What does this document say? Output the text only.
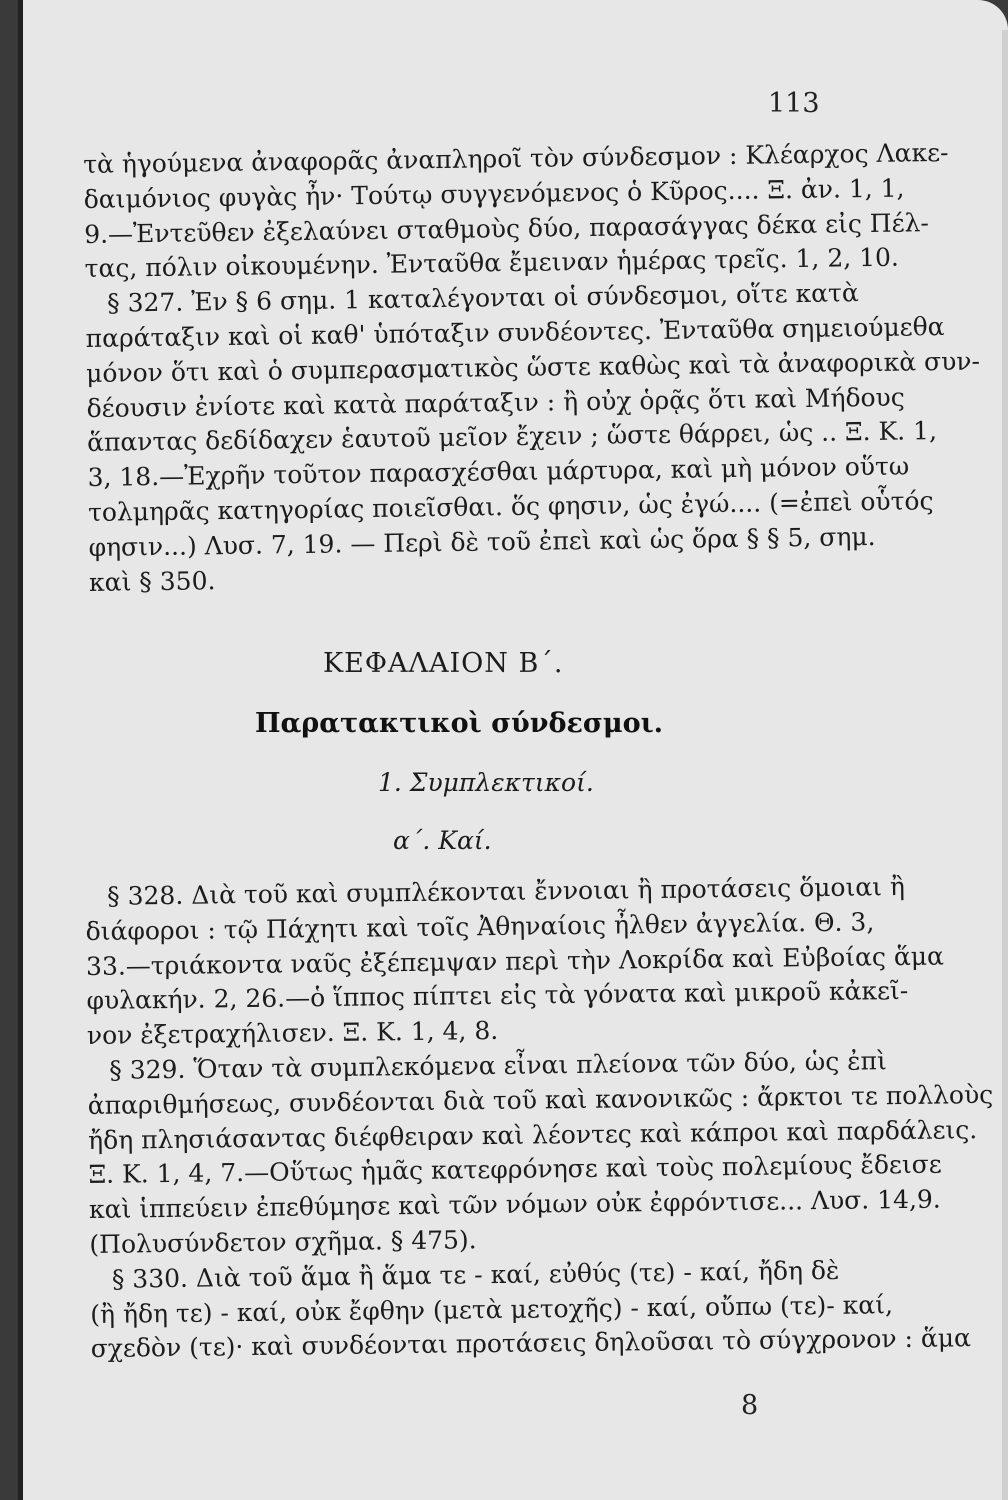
113

τὰ ἡγούμενα ἀναφορᾶς ἀναπληροῖ τὸν σύνδεσμον : Κλέαρχος Λακε-
δαιμόνιος φυγὰς ἦν· Τούτῳ συγγενόμενος ὁ Κῦρος.... Ξ. ἀν. 1, 1,
9.—Ἐντεῦθεν ἐξελαύνει σταθμοὺς δύο, παρασάγγας δέκα εἰς Πέλ-
τας, πόλιν οἰκουμένην. Ἐνταῦθα ἔμειναν ἡμέρας τρεῖς. 1, 2, 10.
§ 327. Ἐν § 6 σημ. 1 καταλέγονται οἱ σύνδεσμοι, οἵτε κατὰ
παράταξιν καὶ οἱ καθ' ὑπόταξιν συνδέοντες. Ἐνταῦθα σημειούμεθα
μόνον ὅτι καὶ ὁ συμπερασματικὸς ὥστε καθὼς καὶ τὰ ἀναφορικὰ συν-
δέουσιν ἐνίοτε καὶ κατὰ παράταξιν : ἢ οὐχ ὁρᾷς ὅτι καὶ Μήδους
ἅπαντας δεδίδαχεν ἑαυτοῦ μεῖον ἔχειν ; ὥστε θάρρει, ὡς .. Ξ. Κ. 1,
3, 18.—Ἐχρῆν τοῦτον παρασχέσθαι μάρτυρα, καὶ μὴ μόνον οὕτω
τολμηρᾶς κατηγορίας ποιεῖσθαι. ὅς φησιν, ὡς ἐγώ.... (=ἐπεὶ οὗτός
φησιν...) Λυσ. 7, 19. — Περὶ δὲ τοῦ ἐπεὶ καὶ ὡς ὅρα § § 5, σημ.
καὶ § 350.

ΚΕΦΑΛΑΙΟΝ Β΄.
Παρατακτικοὶ σύνδεσμοι.
1. Συμπλεκτικοί.
α΄. Καί.

§ 328. Διὰ τοῦ καὶ συμπλέκονται ἔννοιαι ἢ προτάσεις ὅμοιαι ἢ
διάφοροι : τῷ Πάχητι καὶ τοῖς Ἀθηναίοις ἦλθεν ἀγγελία. Θ. 3,
33.—τριάκοντα ναῦς ἐξέπεμψαν περὶ τὴν Λοκρίδα καὶ Εὐβοίας ἅμα
φυλακήν. 2, 26.—ὁ ἵππος πίπτει εἰς τὰ γόνατα καὶ μικροῦ κἀκεῖ-
νον ἐξετραχήλισεν. Ξ. Κ. 1, 4, 8.
§ 329. Ὅταν τὰ συμπλεκόμενα εἶναι πλείονα τῶν δύο, ὡς ἐπὶ
ἀπαριθμήσεως, συνδέονται διὰ τοῦ καὶ κανονικῶς : ἄρκτοι τε πολλοὺς
ἤδη πλησιάσαντας διέφθειραν καὶ λέοντες καὶ κάπροι καὶ παρδάλεις.
Ξ. Κ. 1, 4, 7.—Οὕτως ἡμᾶς κατεφρόνησε καὶ τοὺς πολεμίους ἔδεισε
καὶ ἱππεύειν ἐπεθύμησε καὶ τῶν νόμων οὐκ ἐφρόντισε... Λυσ. 14,9.
(Πολυσύνδετον σχῆμα. § 475).
§ 330. Διὰ τοῦ ἅμα ἢ ἅμα τε - καί, εὐθύς (τε) - καί, ἤδη δὲ
(ἢ ἤδη τε) - καί, οὐκ ἔφθην (μετὰ μετοχῆς) - καί, οὔπω (τε)- καί,
σχεδὸν (τε)· καὶ συνδέονται προτάσεις δηλοῦσαι τὸ σύγχρονον : ἅμα

8
